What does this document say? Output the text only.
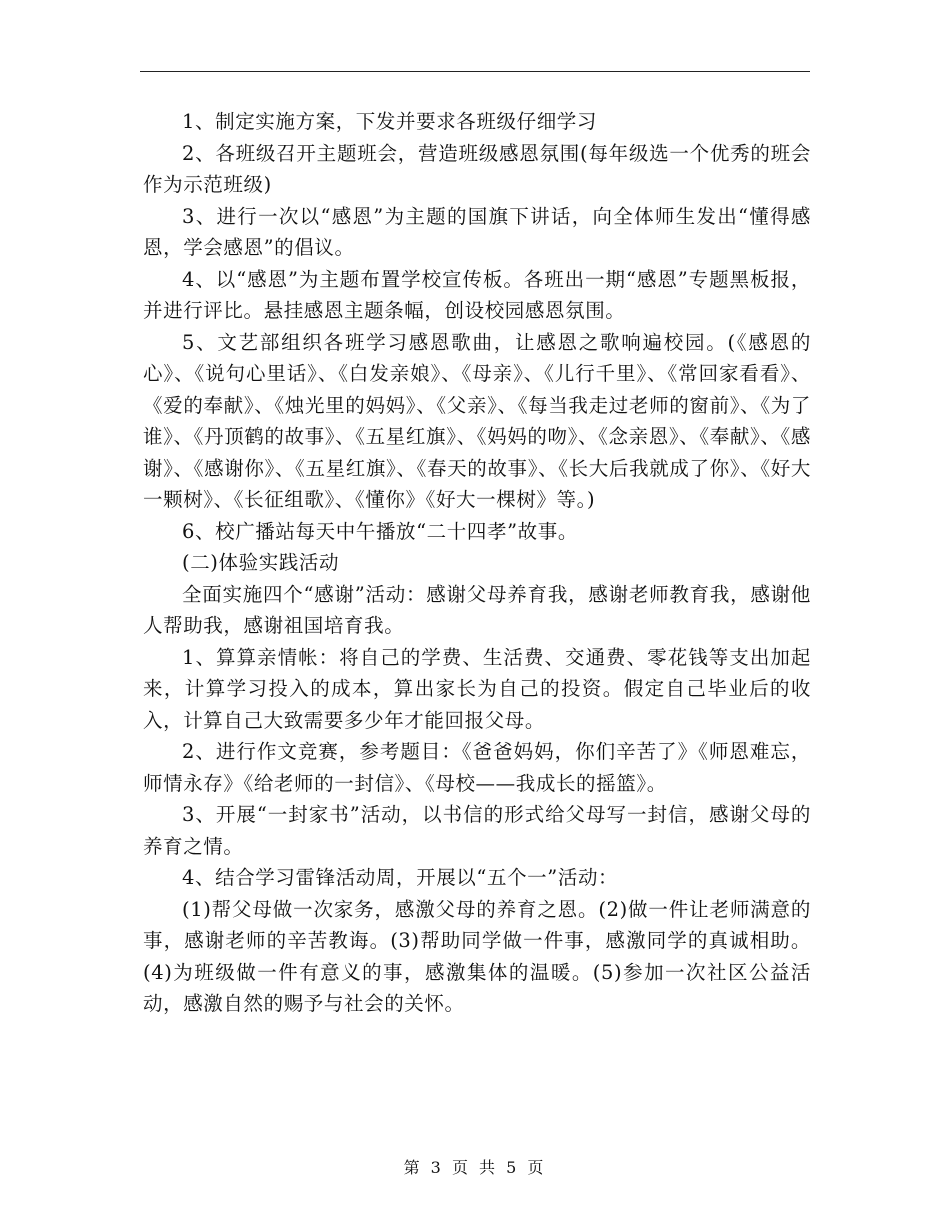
1、制定实施方案，下发并要求各班级仔细学习

2、各班级召开主题班会，营造班级感恩氛围(每年级选一个优秀的班会作为示范班级)

3、进行一次以“感恩”为主题的国旗下讲话，向全体师生发出“懂得感恩，学会感恩”的倡议。

4、以“感恩”为主题布置学校宣传板。各班出一期“感恩”专题黑板报，并进行评比。悬挂感恩主题条幅，创设校园感恩氛围。

5、文艺部组织各班学习感恩歌曲，让感恩之歌响遍校园。(《感恩的心》、《说句心里话》、《白发亲娘》、《母亲》、《儿行千里》、《常回家看看》、《爱的奉献》、《烛光里的妈妈》、《父亲》、《每当我走过老师的窗前》、《为了谁》、《丹顶鹤的故事》、《五星红旗》、《妈妈的吻》、《念亲恩》、《奉献》、《感谢》、《感谢你》、《五星红旗》、《春天的故事》、《长大后我就成了你》、《好大一颗树》、《长征组歌》、《懂你》《好大一棵树》等。)

6、校广播站每天中午播放“二十四孝”故事。

(二)体验实践活动

全面实施四个“感谢”活动：感谢父母养育我，感谢老师教育我，感谢他人帮助我，感谢祖国培育我。

1、算算亲情帐：将自己的学费、生活费、交通费、零花钱等支出加起来，计算学习投入的成本，算出家长为自己的投资。假定自己毕业后的收入，计算自己大致需要多少年才能回报父母。

2、进行作文竞赛，参考题目：《爸爸妈妈，你们辛苦了》《师恩难忘，师情永存》《给老师的一封信》、《母校——我成长的摇篮》。

3、开展“一封家书”活动，以书信的形式给父母写一封信，感谢父母的养育之情。

4、结合学习雷锋活动周，开展以“五个一”活动：

(1)帮父母做一次家务，感激父母的养育之恩。(2)做一件让老师满意的事，感谢老师的辛苦教诲。(3)帮助同学做一件事，感激同学的真诚相助。(4)为班级做一件有意义的事，感激集体的温暖。(5)参加一次社区公益活动，感激自然的赐予与社会的关怀。

第 3 页 共 5 页
